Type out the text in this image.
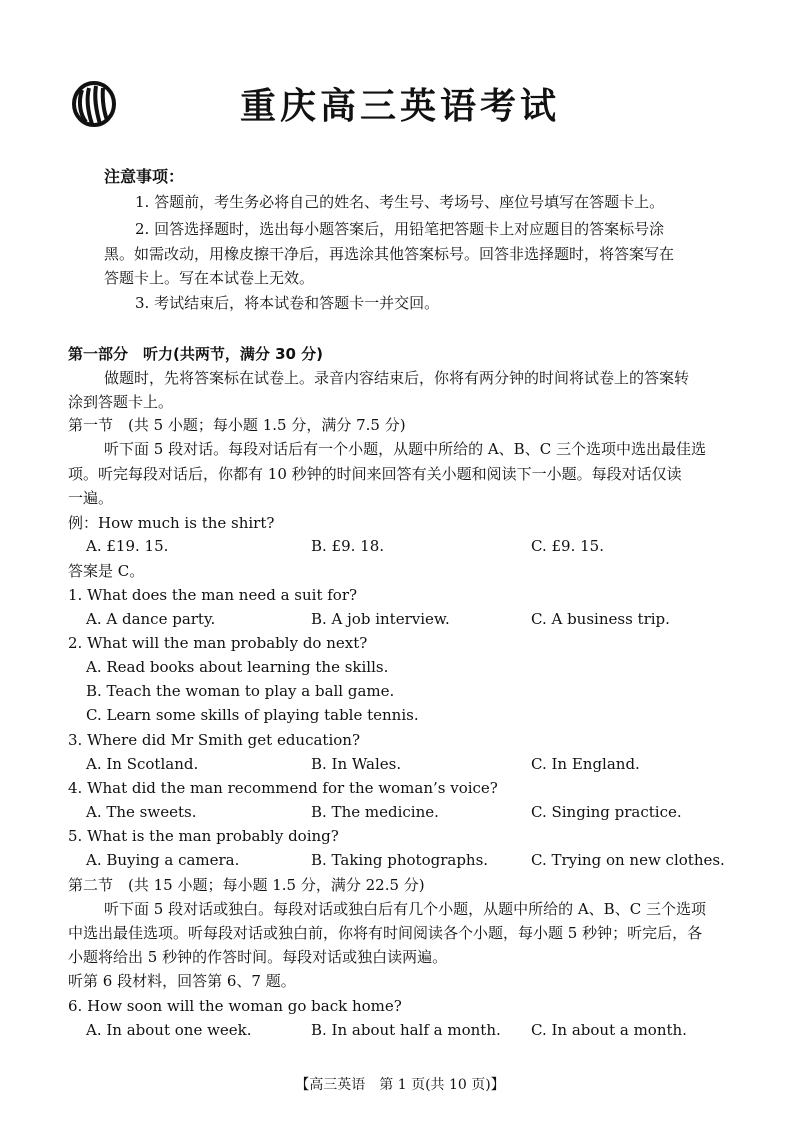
重庆高三英语考试
注意事项：
1. 答题前，考生务必将自己的姓名、考生号、考场号、座位号填写在答题卡上。
2. 回答选择题时，选出每小题答案后，用铅笔把答题卡上对应题目的答案标号涂
黑。如需改动，用橡皮擦干净后，再选涂其他答案标号。回答非选择题时，将答案写在
答题卡上。写在本试卷上无效。
3. 考试结束后，将本试卷和答题卡一并交回。
第一部分　听力(共两节，满分 30 分)
做题时，先将答案标在试卷上。录音内容结束后，你将有两分钟的时间将试卷上的答案转
涂到答题卡上。
第一节　(共 5 小题；每小题 1.5 分，满分 7.5 分)
听下面 5 段对话。每段对话后有一个小题，从题中所给的 A、B、C 三个选项中选出最佳选
项。听完每段对话后，你都有 10 秒钟的时间来回答有关小题和阅读下一小题。每段对话仅读
一遍。
例：How much is the shirt?
A. £19. 15.	B. £9. 18.	C. £9. 15.
答案是 C。
1. What does the man need a suit for?
A. A dance party.	B. A job interview.	C. A business trip.
2. What will the man probably do next?
A. Read books about learning the skills.
B. Teach the woman to play a ball game.
C. Learn some skills of playing table tennis.
3. Where did Mr Smith get education?
A. In Scotland.	B. In Wales.	C. In England.
4. What did the man recommend for the woman’s voice?
A. The sweets.	B. The medicine.	C. Singing practice.
5. What is the man probably doing?
A. Buying a camera.	B. Taking photographs.	C. Trying on new clothes.
第二节　(共 15 小题；每小题 1.5 分，满分 22.5 分)
听下面 5 段对话或独白。每段对话或独白后有几个小题，从题中所给的 A、B、C 三个选项
中选出最佳选项。听每段对话或独白前，你将有时间阅读各个小题，每小题 5 秒钟；听完后，各
小题将给出 5 秒钟的作答时间。每段对话或独白读两遍。
听第 6 段材料，回答第 6、7 题。
6. How soon will the woman go back home?
A. In about one week.	B. In about half a month. C. In about a month.
【高三英语　第 1 页(共 10 页)】
